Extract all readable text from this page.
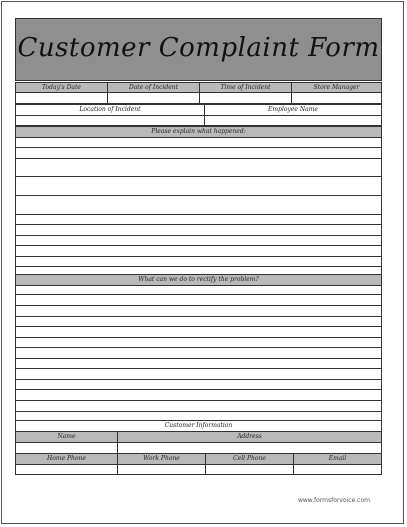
Customer Complaint Form
Today's Date	Date of Incident	Time of Incident	Store Manager
Location of Incident	Employee Name
Please explain what happened:
What can we do to rectify the problem?
Customer Information
Name	Address
Home Phone	Work Phone	Cell Phone	Email
www.formsforvoice.com
